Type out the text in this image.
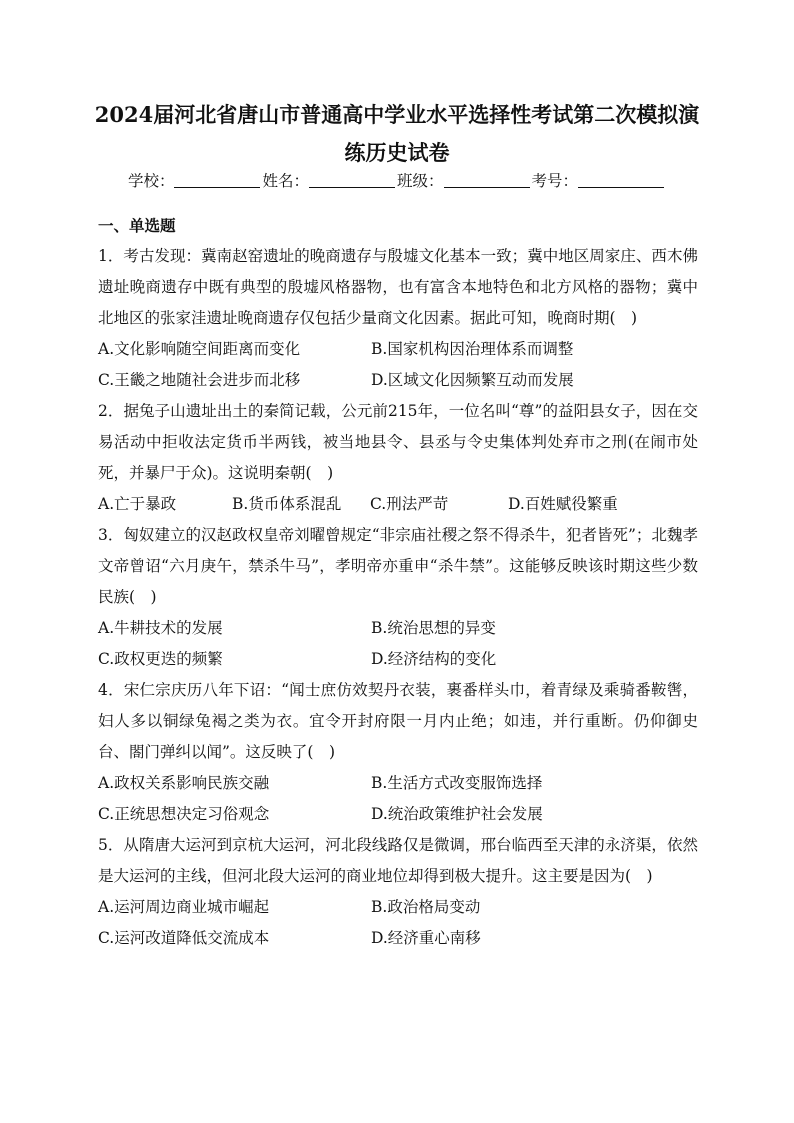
2024届河北省唐山市普通高中学业水平选择性考试第二次模拟演练历史试卷
学校：	姓名：	班级：	考号：
一、单选题

1．考古发现：冀南赵窑遗址的晚商遗存与殷墟文化基本一致；冀中地区周家庄、西木佛遗址晚商遗存中既有典型的殷墟风格器物，也有富含本地特色和北方风格的器物；冀中北地区的张家洼遗址晚商遗存仅包括少量商文化因素。据此可知，晚商时期(　)

A.文化影响随空间距离而变化	B.国家机构因治理体系而调整
C.王畿之地随社会进步而北移	D.区域文化因频繁互动而发展

2．据兔子山遗址出土的秦简记载，公元前215年，一位名叫“尊”的益阳县女子，因在交易活动中拒收法定货币半两钱，被当地县令、县丞与令史集体判处弃市之刑(在闹市处死，并暴尸于众)。这说明秦朝(　)

A.亡于暴政	B.货币体系混乱	C.刑法严苛	D.百姓赋役繁重

3．匈奴建立的汉赵政权皇帝刘曜曾规定“非宗庙社稷之祭不得杀牛，犯者皆死”；北魏孝文帝曾诏“六月庚午，禁杀牛马”，孝明帝亦重申“杀牛禁”。这能够反映该时期这些少数民族(　)

A.牛耕技术的发展	B.统治思想的异变
C.政权更迭的频繁	D.经济结构的变化

4．宋仁宗庆历八年下诏：“闻士庶仿效契丹衣装，裹番样头巾，着青绿及乘骑番鞍辔，妇人多以铜绿兔褐之类为衣。宜令开封府限一月内止绝；如违，并行重断。仍仰御史台、閤门弹纠以闻”。这反映了(　)

A.政权关系影响民族交融	B.生活方式改变服饰选择
C.正统思想决定习俗观念	D.统治政策维护社会发展

5．从隋唐大运河到京杭大运河，河北段线路仅是微调，邢台临西至天津的永济渠，依然是大运河的主线，但河北段大运河的商业地位却得到极大提升。这主要是因为(　)

A.运河周边商业城市崛起	B.政治格局变动
C.运河改道降低交流成本	D.经济重心南移
